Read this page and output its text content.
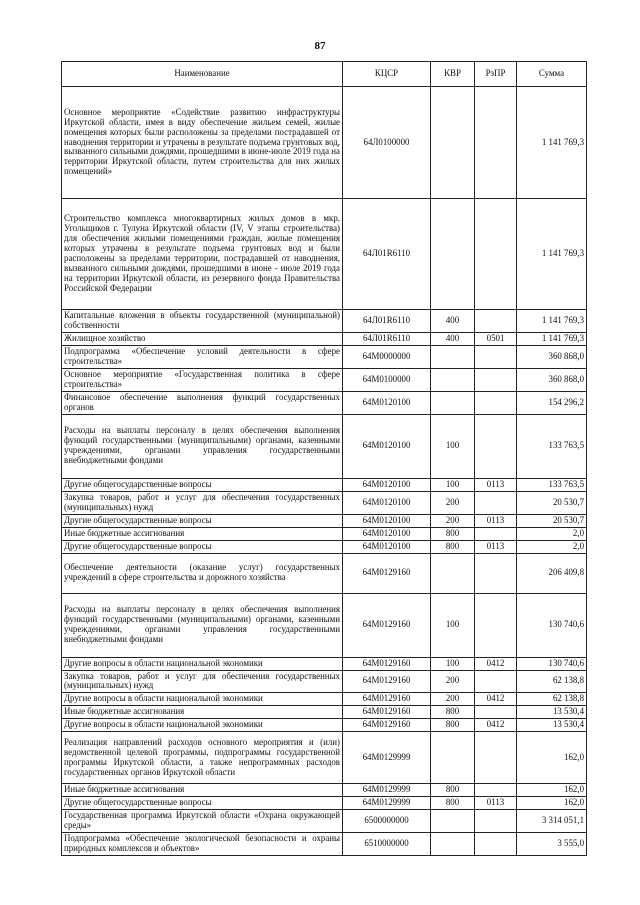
87
Наименование	КЦСР	КВР	РзПР	Сумма
Основное мероприятие «Содействие развитию инфраструктуры Иркутской области, имея в виду обеспечение жильем семей, жилые помещения которых были расположены за пределами пострадавшей от наводнения территории и утрачены в результате подъема грунтовых вод, вызванного сильными дождями, прошедшими в июне-июле 2019 года на территории Иркутской области, путем строительства для них жилых помещений»	64Л0100000			1 141 769,3
Строительство комплекса многоквартирных жилых домов в мкр. Угольщиков г. Тулуна Иркутской области (IV, V этапы строительства) для обеспечения жилыми помещениями граждан, жилые помещения которых утрачены в результате подъема грунтовых вод и были расположены за пределами территории, пострадавшей от наводнения, вызванного сильными дождями, прошедшими в июне - июле 2019 года на территории Иркутской области, из резервного фонда Правительства Российской Федерации	64Л01R6110			1 141 769,3
Капитальные вложения в объекты государственной (муниципальной) собственности	64Л01R6110	400		1 141 769,3
Жилищное хозяйство	64Л01R6110	400	0501	1 141 769,3
Подпрограмма «Обеспечение условий деятельности в сфере строительства»	64М0000000			360 868,0
Основное мероприятие «Государственная политика в сфере строительства»	64М0100000			360 868,0
Финансовое обеспечение выполнения функций государственных органов	64М0120100			154 296,2
Расходы на выплаты персоналу в целях обеспечения выполнения функций государственными (муниципальными) органами, казенными учреждениями, органами управления государственными внебюджетными фондами	64М0120100	100		133 763,5
Другие общегосударственные вопросы	64М0120100	100	0113	133 763,5
Закупка товаров, работ и услуг для обеспечения государственных (муниципальных) нужд	64М0120100	200		20 530,7
Другие общегосударственные вопросы	64М0120100	200	0113	20 530,7
Иные бюджетные ассигнования	64М0120100	800		2,0
Другие общегосударственные вопросы	64М0120100	800	0113	2,0
Обеспечение деятельности (оказание услуг) государственных учреждений в сфере строительства и дорожного хозяйства	64М0129160			206 409,8
Расходы на выплаты персоналу в целях обеспечения выполнения функций государственными (муниципальными) органами, казенными учреждениями, органами управления государственными внебюджетными фондами	64М0129160	100		130 740,6
Другие вопросы в области национальной экономики	64М0129160	100	0412	130 740,6
Закупка товаров, работ и услуг для обеспечения государственных (муниципальных) нужд	64М0129160	200		62 138,8
Другие вопросы в области национальной экономики	64М0129160	200	0412	62 138,8
Иные бюджетные ассигнования	64М0129160	800		13 530,4
Другие вопросы в области национальной экономики	64М0129160	800	0412	13 530,4
Реализация направлений расходов основного мероприятия и (или) ведомственной целевой программы, подпрограммы государственной программы Иркутской области, а также непрограммных расходов государственных органов Иркутской области	64М0129999			162,0
Иные бюджетные ассигнования	64М0129999	800		162,0
Другие общегосударственные вопросы	64М0129999	800	0113	162,0
Государственная программа Иркутской области «Охрана окружающей среды»	6500000000			3 314 051,1
Подпрограмма «Обеспечение экологической безопасности и охраны природных комплексов и объектов»	6510000000			3 555,0
